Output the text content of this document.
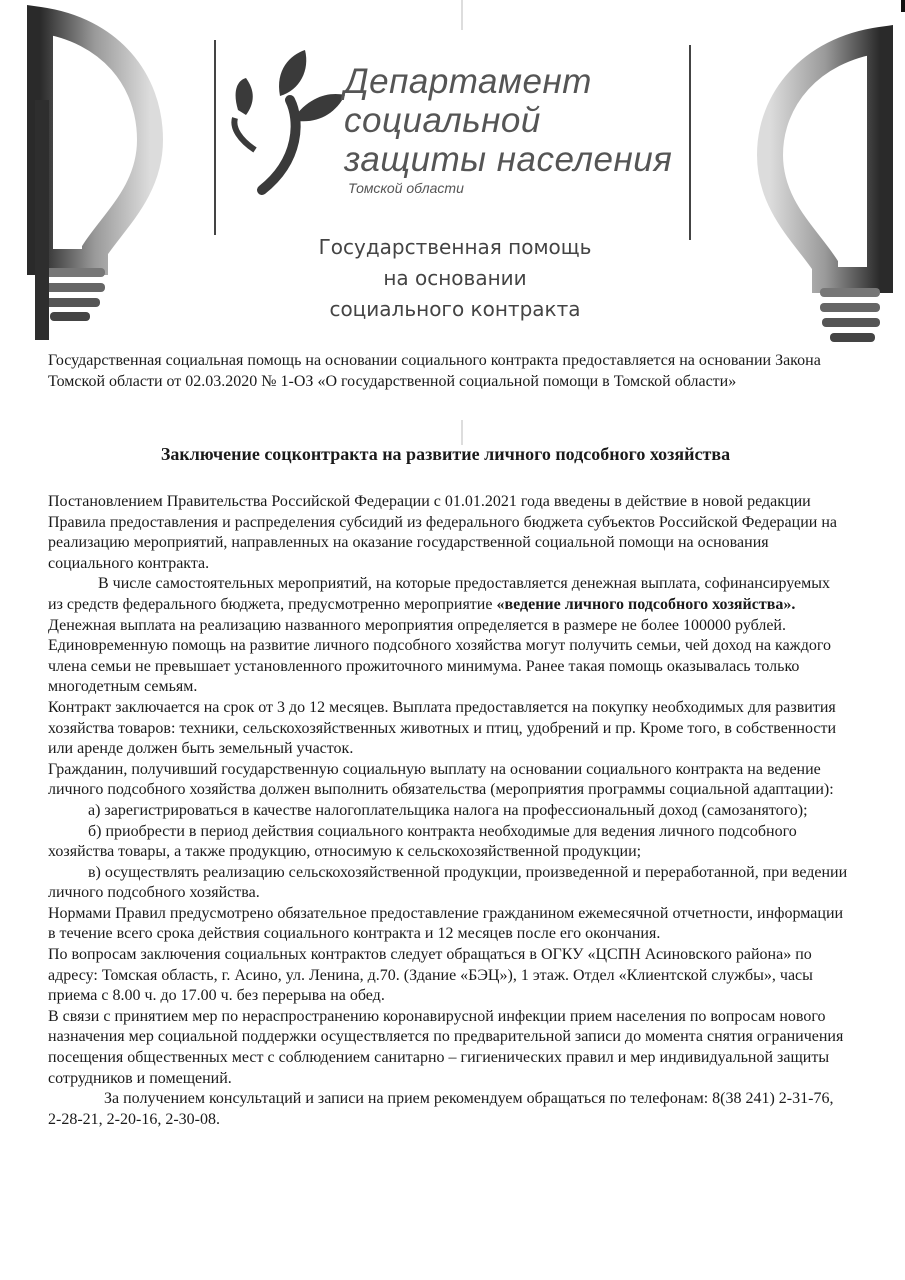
Департамент
социальной
защиты населения
Томской области
Государственная помощь
на основании
социального контракта
Государственная социальная помощь на основании социального контракта предоставляется на основании Закона Томской области от 02.03.2020 № 1-ОЗ «О государственной социальной помощи в Томской области»
Заключение соцконтракта на развитие личного подсобного хозяйства

Постановлением Правительства Российской Федерации с 01.01.2021 года введены в действие в новой редакции Правила предоставления и распределения субсидий из федерального бюджета субъектов Российской Федерации на реализацию мероприятий, направленных на оказание государственной социальной помощи на основания социального контракта.

В числе самостоятельных мероприятий, на которые предоставляется денежная выплата, софинансируемых из средств федерального бюджета, предусмотренно мероприятие «ведение личного подсобного хозяйства». Денежная выплата на реализацию названного мероприятия определяется в размере не более 100000 рублей.

Единовременную помощь на развитие личного подсобного хозяйства могут получить семьи, чей доход на каждого члена семьи не превышает установленного прожиточного минимума. Ранее такая помощь оказывалась только многодетным семьям.

Контракт заключается на срок от 3 до 12 месяцев. Выплата предоставляется на покупку необходимых для развития хозяйства товаров: техники, сельскохозяйственных животных и птиц, удобрений и пр. Кроме того, в собственности или аренде должен быть земельный участок.

Гражданин, получивший государственную социальную выплату на основании социального контракта на ведение личного подсобного хозяйства должен выполнить обязательства (мероприятия программы социальной адаптации):

а) зарегистрироваться в качестве налогоплательщика налога на профессиональный доход (самозанятого);

б) приобрести в период действия социального контракта необходимые для ведения личного подсобного хозяйства товары, а также продукцию, относимую к сельскохозяйственной продукции;

в) осуществлять реализацию сельскохозяйственной продукции, произведенной и переработанной, при ведении личного подсобного хозяйства.

Нормами Правил предусмотрено обязательное предоставление гражданином ежемесячной отчетности, информации в течение всего срока действия социального контракта и 12 месяцев после его окончания.

По вопросам заключения социальных контрактов следует обращаться в ОГКУ «ЦСПН Асиновского района» по адресу: Томская область, г. Асино, ул. Ленина, д.70. (Здание «БЭЦ»), 1 этаж. Отдел «Клиентской службы», часы приема с 8.00 ч. до 17.00 ч. без перерыва на обед.

В связи с принятием мер по нераспространению коронавирусной инфекции прием населения по вопросам нового назначения мер социальной поддержки осуществляется по предварительной записи до момента снятия ограничения посещения общественных мест с соблюдением санитарно – гигиенических правил и мер индивидуальной защиты сотрудников и помещений.

За получением консультаций и записи на прием рекомендуем обращаться по телефонам: 8(38 241) 2-31-76, 2-28-21, 2-20-16, 2-30-08.
